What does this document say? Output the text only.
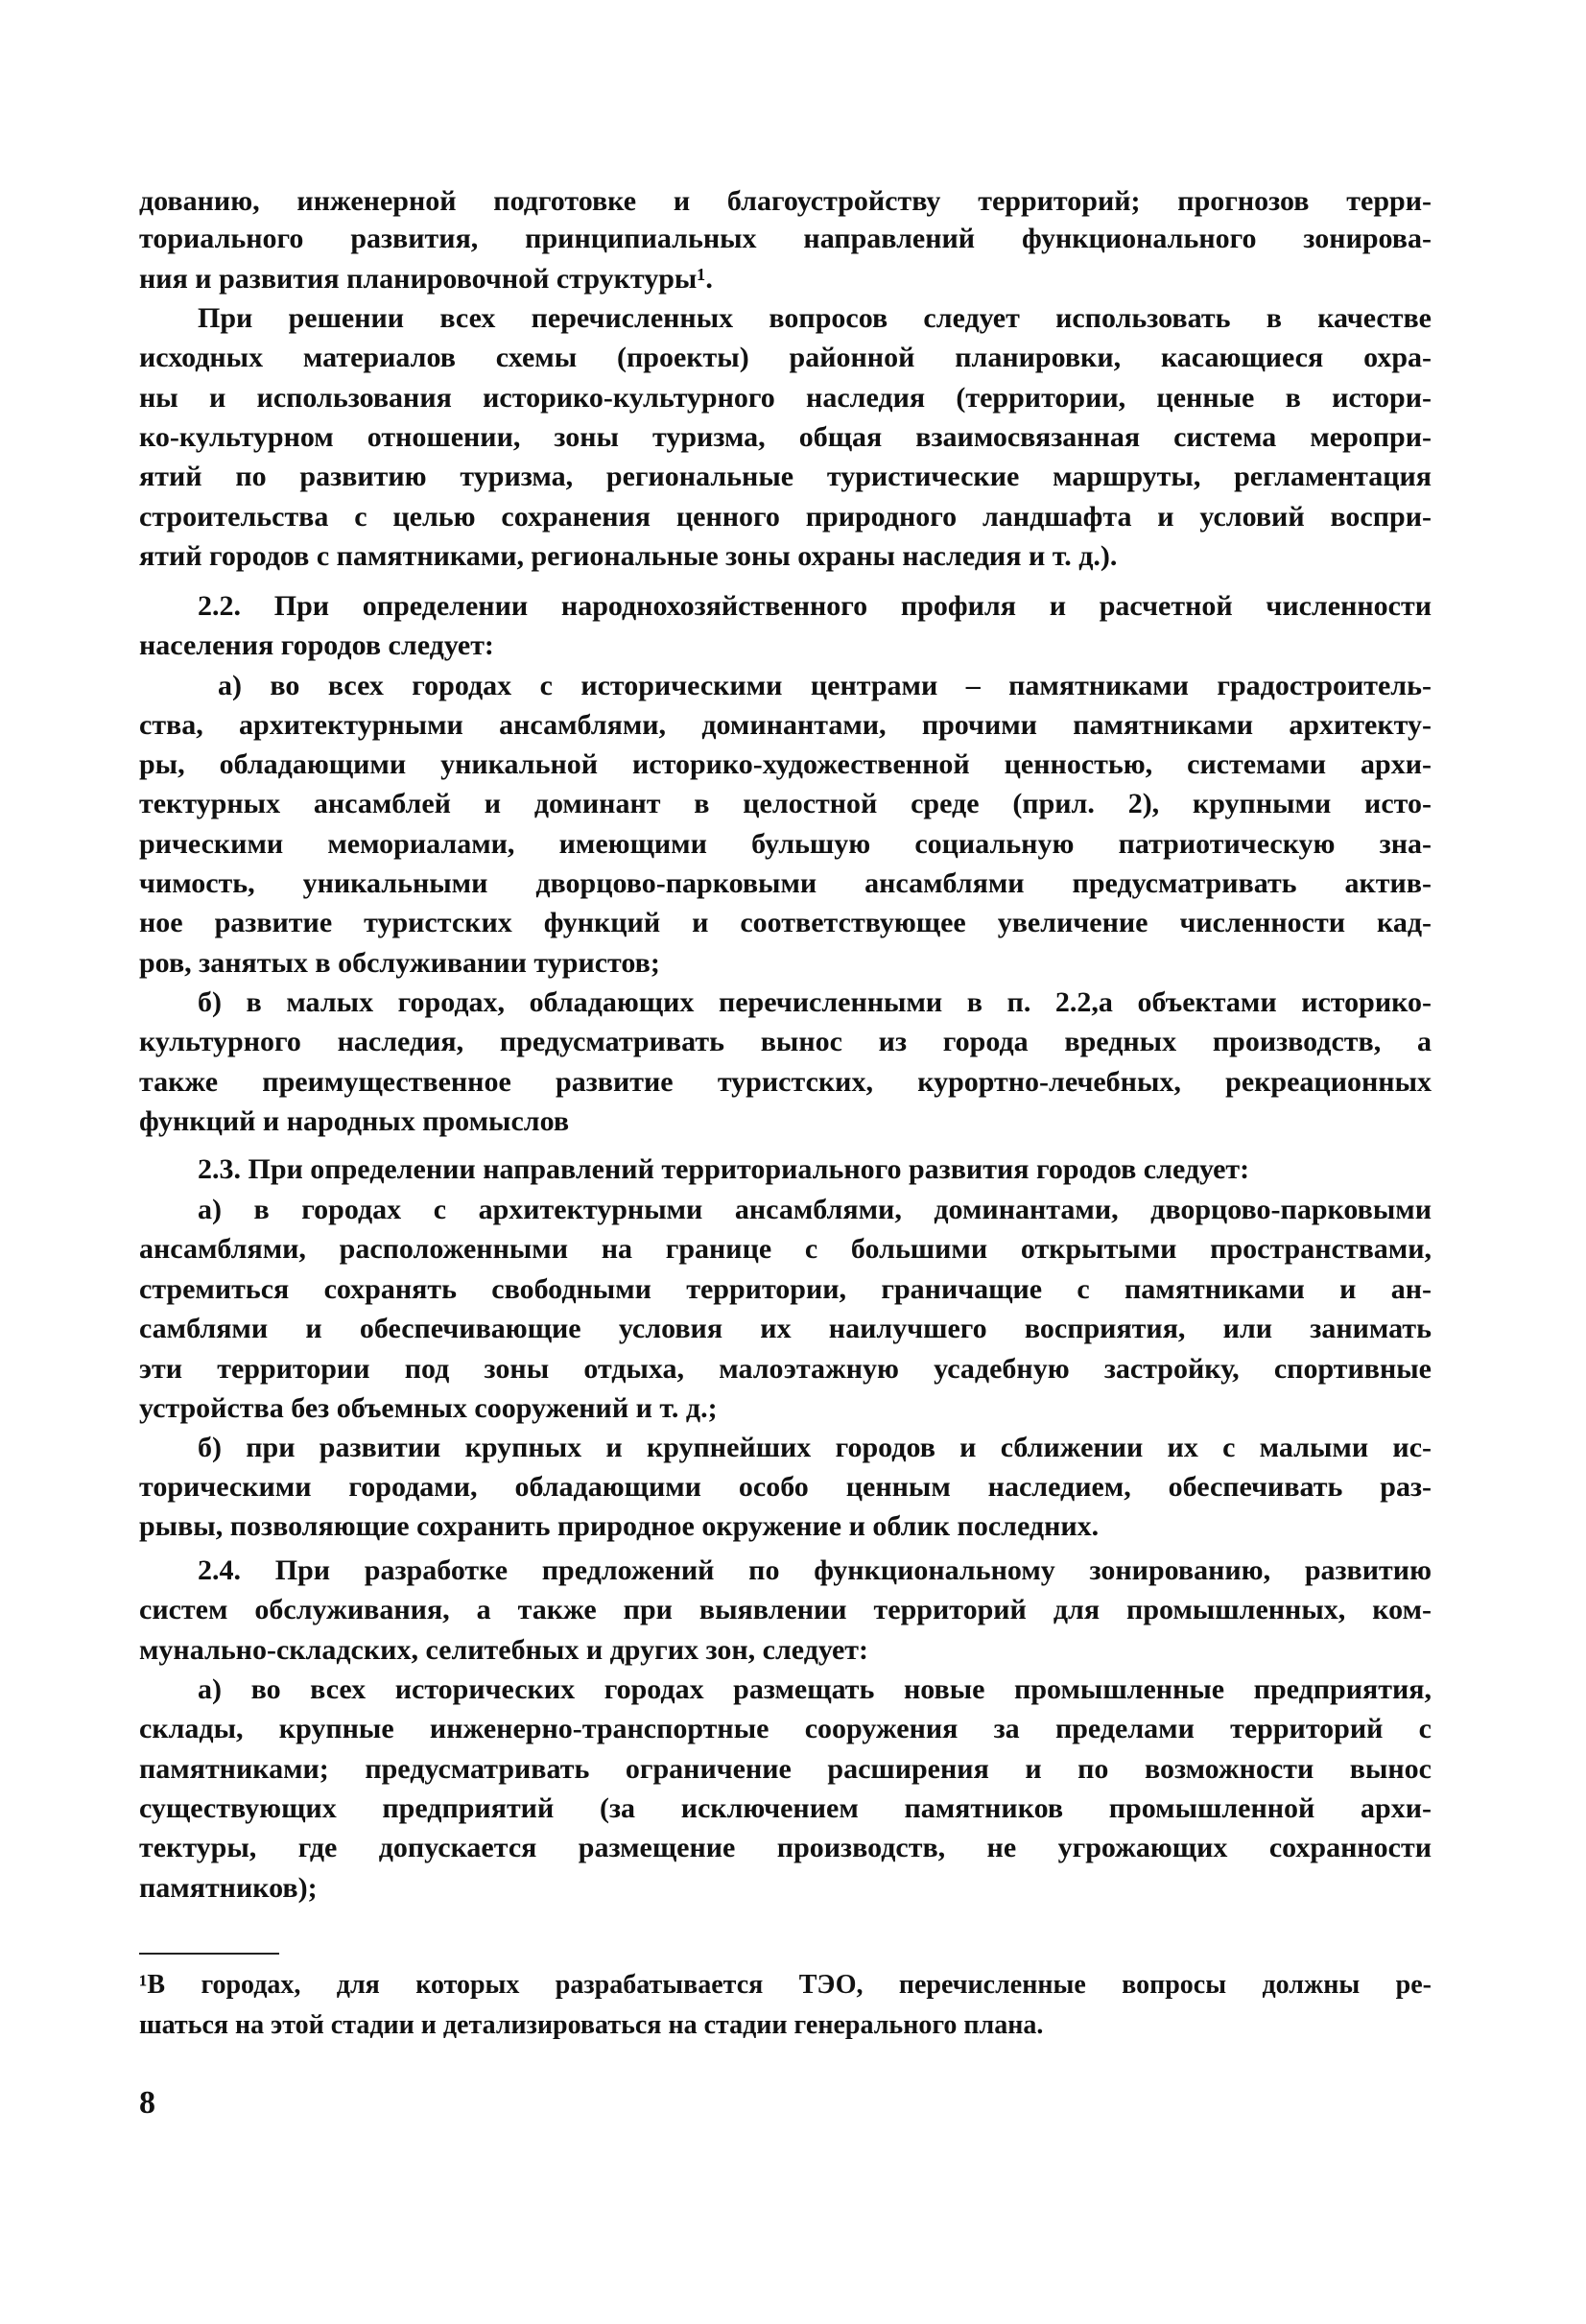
дованию, инженерной подготовке и благоустройству территорий; прогнозов терри-
ториального развития, принципиальных направлений функционального зонирова-
ния и развития планировочной структуры¹.
При решении всех перечисленных вопросов следует использовать в качестве
исходных материалов схемы (проекты) районной планировки, касающиеся охра-
ны и использования историко-культурного наследия (территории, ценные в истори-
ко-культурном отношении, зоны туризма, общая взаимосвязанная система меропри-
ятий по развитию туризма, региональные туристические маршруты, регламентация
строительства с целью сохранения ценного природного ландшафта и условий воспри-
ятий городов с памятниками, региональные зоны охраны наследия и т. д.).
2.2. При определении народнохозяйственного профиля и расчетной численности
населения городов следует:
а) во всех городах с историческими центрами – памятниками градостроитель-
ства, архитектурными ансамблями, доминантами, прочими памятниками архитекту-
ры, обладающими уникальной историко-художественной ценностью, системами архи-
тектурных ансамблей и доминант в целостной среде (прил. 2), крупными исто-
рическими мемориалами, имеющими бульшую социальную патриотическую зна-
чимость, уникальными дворцово-парковыми ансамблями предусматривать актив-
ное развитие туристских функций и соответствующее увеличение численности кад-
ров, занятых в обслуживании туристов;
б) в малых городах, обладающих перечисленными в п. 2.2,а объектами историко-
культурного наследия, предусматривать вынос из города вредных производств, а
также преимущественное развитие туристских, курортно-лечебных, рекреационных
функций и народных промыслов
2.3. При определении направлений территориального развития городов следует:
а) в городах с архитектурными ансамблями, доминантами, дворцово-парковыми
ансамблями, расположенными на границе с большими открытыми пространствами,
стремиться сохранять свободными территории, граничащие с памятниками и ан-
самблями и обеспечивающие условия их наилучшего восприятия, или занимать
эти территории под зоны отдыха, малоэтажную усадебную застройку, спортивные
устройства без объемных сооружений и т. д.;
б) при развитии крупных и крупнейших городов и сближении их с малыми ис-
торическими городами, обладающими особо ценным наследием, обеспечивать раз-
рывы, позволяющие сохранить природное окружение и облик последних.
2.4. При разработке предложений по функциональному зонированию, развитию
систем обслуживания, а также при выявлении территорий для промышленных, ком-
мунально-складских, селитебных и других зон, следует:
а) во всех исторических городах размещать новые промышленные предприятия,
склады, крупные инженерно-транспортные сооружения за пределами территорий с
памятниками; предусматривать ограничение расширения и по возможности вынос
существующих предприятий (за исключением памятников промышленной архи-
тектуры, где допускается размещение производств, не угрожающих сохранности
памятников);
¹В городах, для которых разрабатывается ТЭО, перечисленные вопросы должны ре-
шаться на этой стадии и детализироваться на стадии генерального плана.
8
